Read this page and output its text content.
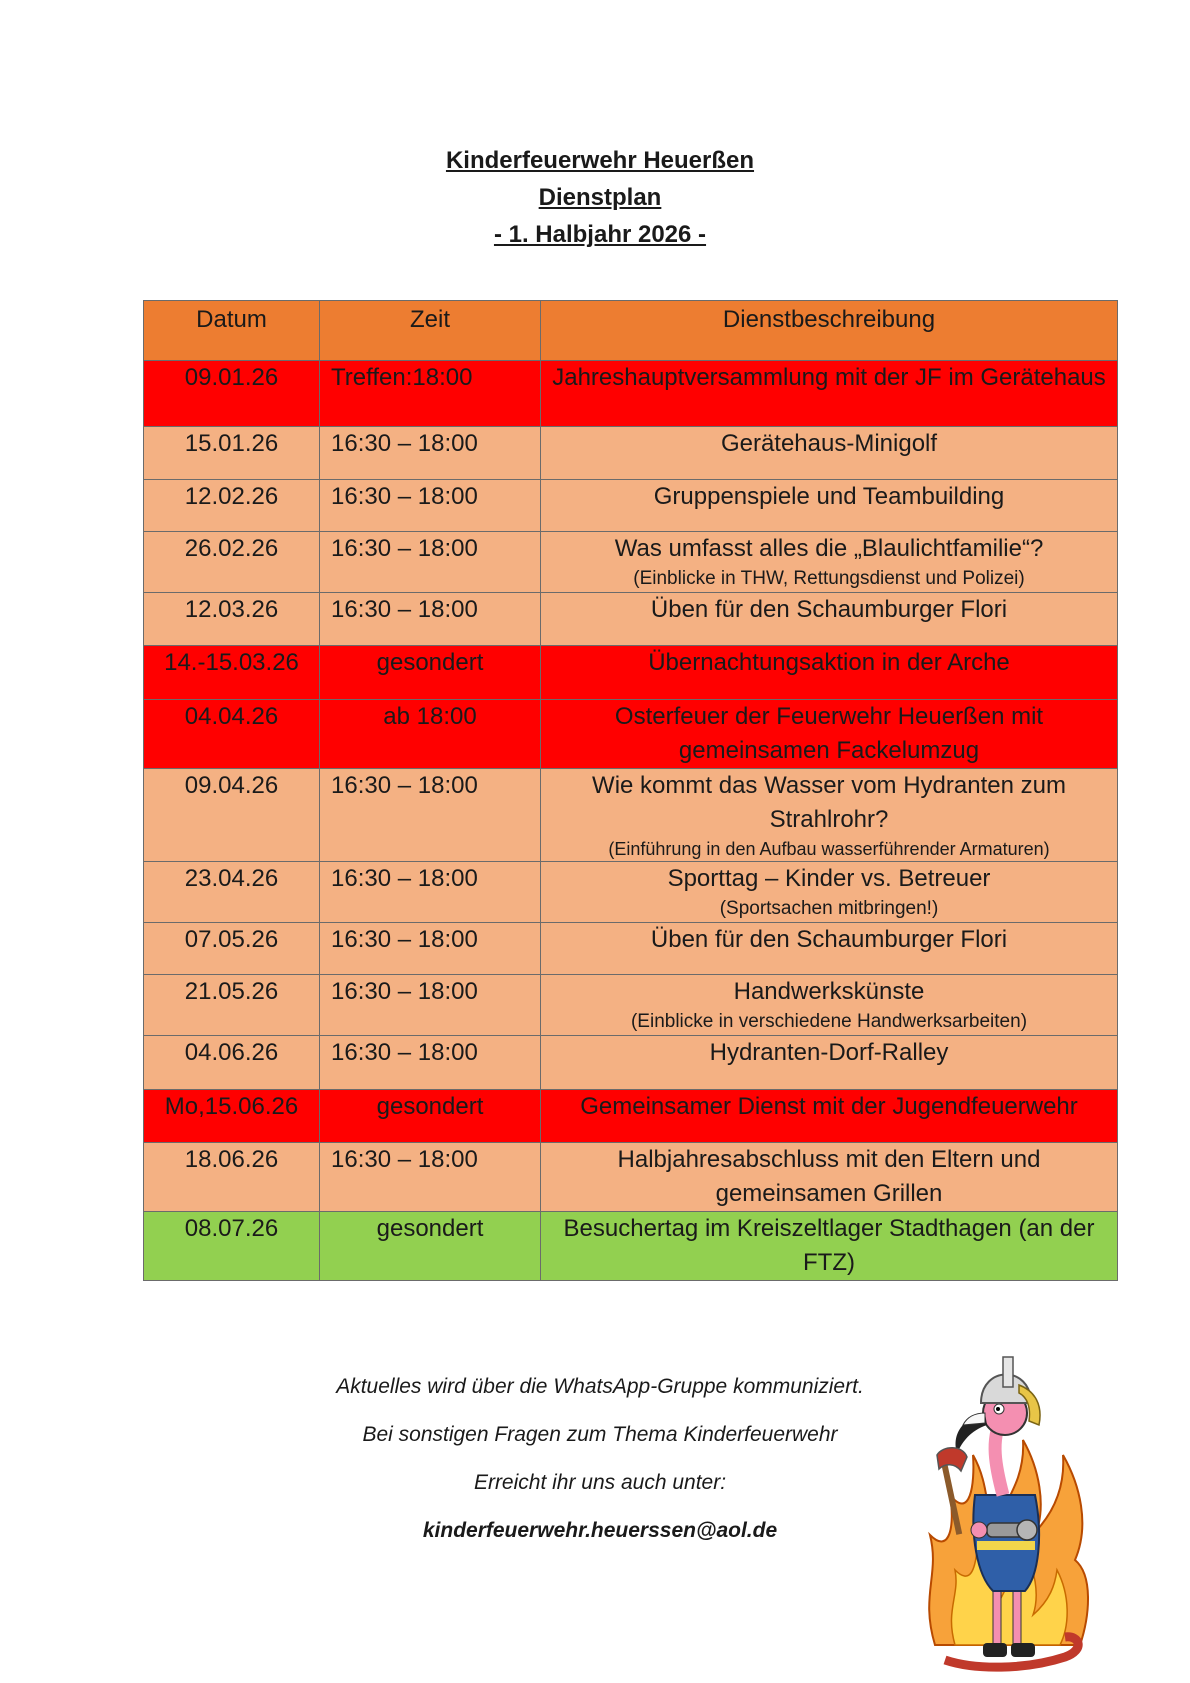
Kinderfeuerwehr Heuerßen
Dienstplan
- 1. Halbjahr 2026 -
Datum	Zeit	Dienstbeschreibung
09.01.26	Treffen:18:00	Jahreshauptversammlung mit der JF im Gerätehaus
15.01.26	16:30 – 18:00	Gerätehaus-Minigolf
12.02.26	16:30 – 18:00	Gruppenspiele und Teambuilding
26.02.26	16:30 – 18:00	Was umfasst alles die „Blaulichtfamilie“?
(Einblicke in THW, Rettungsdienst und Polizei)

12.03.26	16:30 – 18:00	Üben für den Schaumburger Flori
14.-15.03.26	gesondert	Übernachtungsaktion in der Arche
04.04.26	ab 18:00	Osterfeuer der Feuerwehr Heuerßen mit gemeinsamen Fackelumzug
09.04.26	16:30 – 18:00	Wie kommt das Wasser vom Hydranten zum Strahlrohr?
(Einführung in den Aufbau wasserführender Armaturen)

23.04.26	16:30 – 18:00	Sporttag – Kinder vs. Betreuer
(Sportsachen mitbringen!)

07.05.26	16:30 – 18:00	Üben für den Schaumburger Flori
21.05.26	16:30 – 18:00	Handwerkskünste
(Einblicke in verschiedene Handwerksarbeiten)

04.06.26	16:30 – 18:00	Hydranten-Dorf-Ralley
Mo,15.06.26	gesondert	Gemeinsamer Dienst mit der Jugendfeuerwehr
18.06.26	16:30 – 18:00	Halbjahresabschluss mit den Eltern und gemeinsamen Grillen
08.07.26	gesondert	Besuchertag im Kreiszeltlager Stadthagen (an der FTZ)
Aktuelles wird über die WhatsApp-Gruppe kommuniziert.
Bei sonstigen Fragen zum Thema Kinderfeuerwehr
Erreicht ihr uns auch unter:
kinderfeuerwehr.heuerssen@aol.de
